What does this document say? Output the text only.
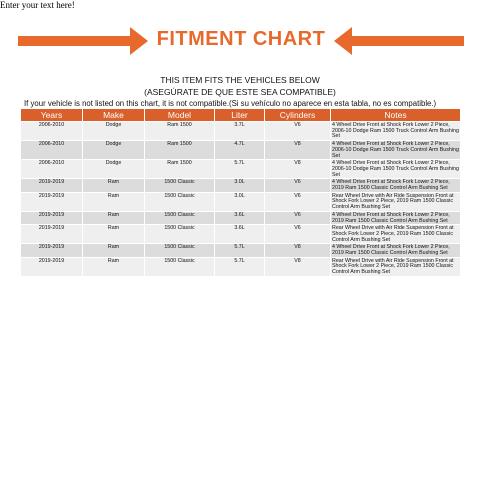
Enter your text here!
FITMENT CHART
THIS ITEM FITS THE VEHICLES BELOW
(ASEGÚRATE DE QUE ESTE SEA COMPATIBLE)
If your vehicle is not listed on this chart, it is not compatible.(Si su vehículo no aparece en esta tabla, no es compatible.)
Years	Make	Model	Liter	Cylinders	Notes
2006-2010	Dodge	Ram 1500	3.7L	V6	4 Wheel Drive Front at Shock Fork Lower 2 Piece, 2006-10 Dodge Ram 1500 Truck Control Arm Bushing Set
2006-2010	Dodge	Ram 1500	4.7L	V8	4 Wheel Drive Front at Shock Fork Lower 2 Piece, 2006-10 Dodge Ram 1500 Truck Control Arm Bushing Set
2006-2010	Dodge	Ram 1500	5.7L	V8	4 Wheel Drive Front at Shock Fork Lower 2 Piece, 2006-10 Dodge Ram 1500 Truck Control Arm Bushing Set
2019-2019	Ram	1500 Classic	3.0L	V6	4 Wheel Drive Front at Shock Fork Lower 2 Piece, 2019 Ram 1500 Classic Control Arm Bushing Set
2019-2019	Ram	1500 Classic	3.0L	V6	Rear Wheel Drive with Air Ride Suspension Front at Shock Fork Lower 2 Piece, 2019 Ram 1500 Classic Control Arm Bushing Set
2019-2019	Ram	1500 Classic	3.6L	V6	4 Wheel Drive Front at Shock Fork Lower 2 Piece, 2019 Ram 1500 Classic Control Arm Bushing Set
2019-2019	Ram	1500 Classic	3.6L	V6	Rear Wheel Drive with Air Ride Suspension Front at Shock Fork Lower 2 Piece, 2019 Ram 1500 Classic Control Arm Bushing Set
2019-2019	Ram	1500 Classic	5.7L	V8	4 Wheel Drive Front at Shock Fork Lower 2 Piece, 2019 Ram 1500 Classic Control Arm Bushing Set
2019-2019	Ram	1500 Classic	5.7L	V8	Rear Wheel Drive with Air Ride Suspension Front at Shock Fork Lower 2 Piece, 2019 Ram 1500 Classic Control Arm Bushing Set
